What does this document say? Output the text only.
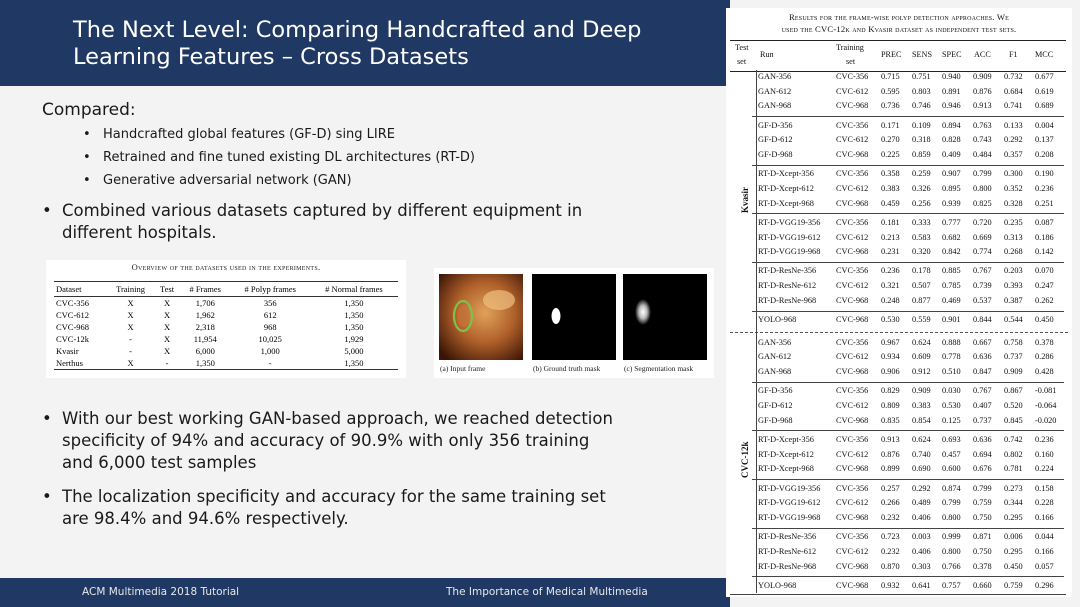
The Next Level: Comparing Handcrafted and Deep Learning Features – Cross Datasets
Compared:
• Handcrafted global features (GF-D) sing LIRE
• Retrained and fine tuned existing DL architectures (RT-D)
• Generative adversarial network (GAN)
• Combined various datasets captured by different equipment in different hospitals.
Overview of the datasets used in the experiments.
Dataset	Training	Test	# Frames	# Polyp frames	# Normal frames
CVC-356	X	X	1,706	356	1,350
CVC-612	X	X	1,962	612	1,350
CVC-968	X	X	2,318	968	1,350
CVC-12k	-	X	11,954	10,025	1,929
Kvasir	-	X	6,000	1,000	5,000
Nerthus	X	-	1,350	-	1,350
(a) Input frame	(b) Ground truth mask	(c) Segmentation mask
• With our best working GAN-based approach, we reached detection specificity of 94% and accuracy of 90.9% with only 356 training and 6,000 test samples
• The localization specificity and accuracy for the same training set are 98.4% and 94.6% respectively.
ACM Multimedia 2018 Tutorial	The Importance of Medical Multimedia
Results for the frame-wise polyp detection approaches. We
used the CVC-12k and Kvasir dataset as independent test sets.
Test
set
Run
Training
set
PREC SENS SPEC ACC F1 MCC
GAN-356	CVC-356 0.715 0.751 0.940 0.909 0.732 0.677
GAN-612	CVC-612 0.595 0.803 0.891 0.876 0.684 0.619
GAN-968	CVC-968 0.736 0.746 0.946 0.913 0.741 0.689
GF-D-356	CVC-356 0.171 0.109 0.894 0.763 0.133 0.004
GF-D-612	CVC-612 0.270 0.318 0.828 0.743 0.292 0.137
GF-D-968	CVC-968 0.225 0.859 0.409 0.484 0.357 0.208
RT-D-Xcept-356	CVC-356 0.358 0.259 0.907 0.799 0.300 0.190
RT-D-Xcept-612	CVC-612 0.383 0.326 0.895 0.800 0.352 0.236
RT-D-Xcept-968	CVC-968 0.459 0.256 0.939 0.825 0.328 0.251
RT-D-VGG19-356 CVC-356 0.181 0.333 0.777 0.720 0.235 0.087
RT-D-VGG19-612 CVC-612 0.213 0.583 0.682 0.669 0.313 0.186
RT-D-VGG19-968 CVC-968 0.231 0.320 0.842 0.774 0.268 0.142
RT-D-ResNe-356 CVC-356 0.236 0.178 0.885 0.767 0.203 0.070
RT-D-ResNe-612 CVC-612 0.321 0.507 0.785 0.739 0.393 0.247
RT-D-ResNe-968 CVC-968 0.248 0.877 0.469 0.537 0.387 0.262
YOLO-968	CVC-968 0.530 0.559 0.901 0.844 0.544 0.450
GAN-356	CVC-356 0.967 0.624 0.888 0.667 0.758 0.378
GAN-612	CVC-612 0.934 0.609 0.778 0.636 0.737 0.286
GAN-968	CVC-968 0.906 0.912 0.510 0.847 0.909 0.428
GF-D-356	CVC-356 0.829 0.909 0.030 0.767 0.867 -0.081
GF-D-612	CVC-612 0.809 0.383 0.530 0.407 0.520 -0.064
GF-D-968	CVC-968 0.835 0.854 0.125 0.737 0.845 -0.020
RT-D-Xcept-356	CVC-356 0.913 0.624 0.693 0.636 0.742 0.236
RT-D-Xcept-612	CVC-612 0.876 0.740 0.457 0.694 0.802 0.160
RT-D-Xcept-968	CVC-968 0.899 0.690 0.600 0.676 0.781 0.224
RT-D-VGG19-356 CVC-356 0.257 0.292 0.874 0.799 0.273 0.158
RT-D-VGG19-612 CVC-612 0.266 0.489 0.799 0.759 0.344 0.228
RT-D-VGG19-968 CVC-968 0.232 0.406 0.800 0.750 0.295 0.166
RT-D-ResNe-356 CVC-356 0.723 0.003 0.999 0.871 0.006 0.044
RT-D-ResNe-612 CVC-612 0.232 0.406 0.800 0.750 0.295 0.166
RT-D-ResNe-968 CVC-968 0.870 0.303 0.766 0.378 0.450 0.057
YOLO-968	CVC-968 0.932 0.641 0.757 0.660 0.759 0.296
Kvasir
CVC-12k
